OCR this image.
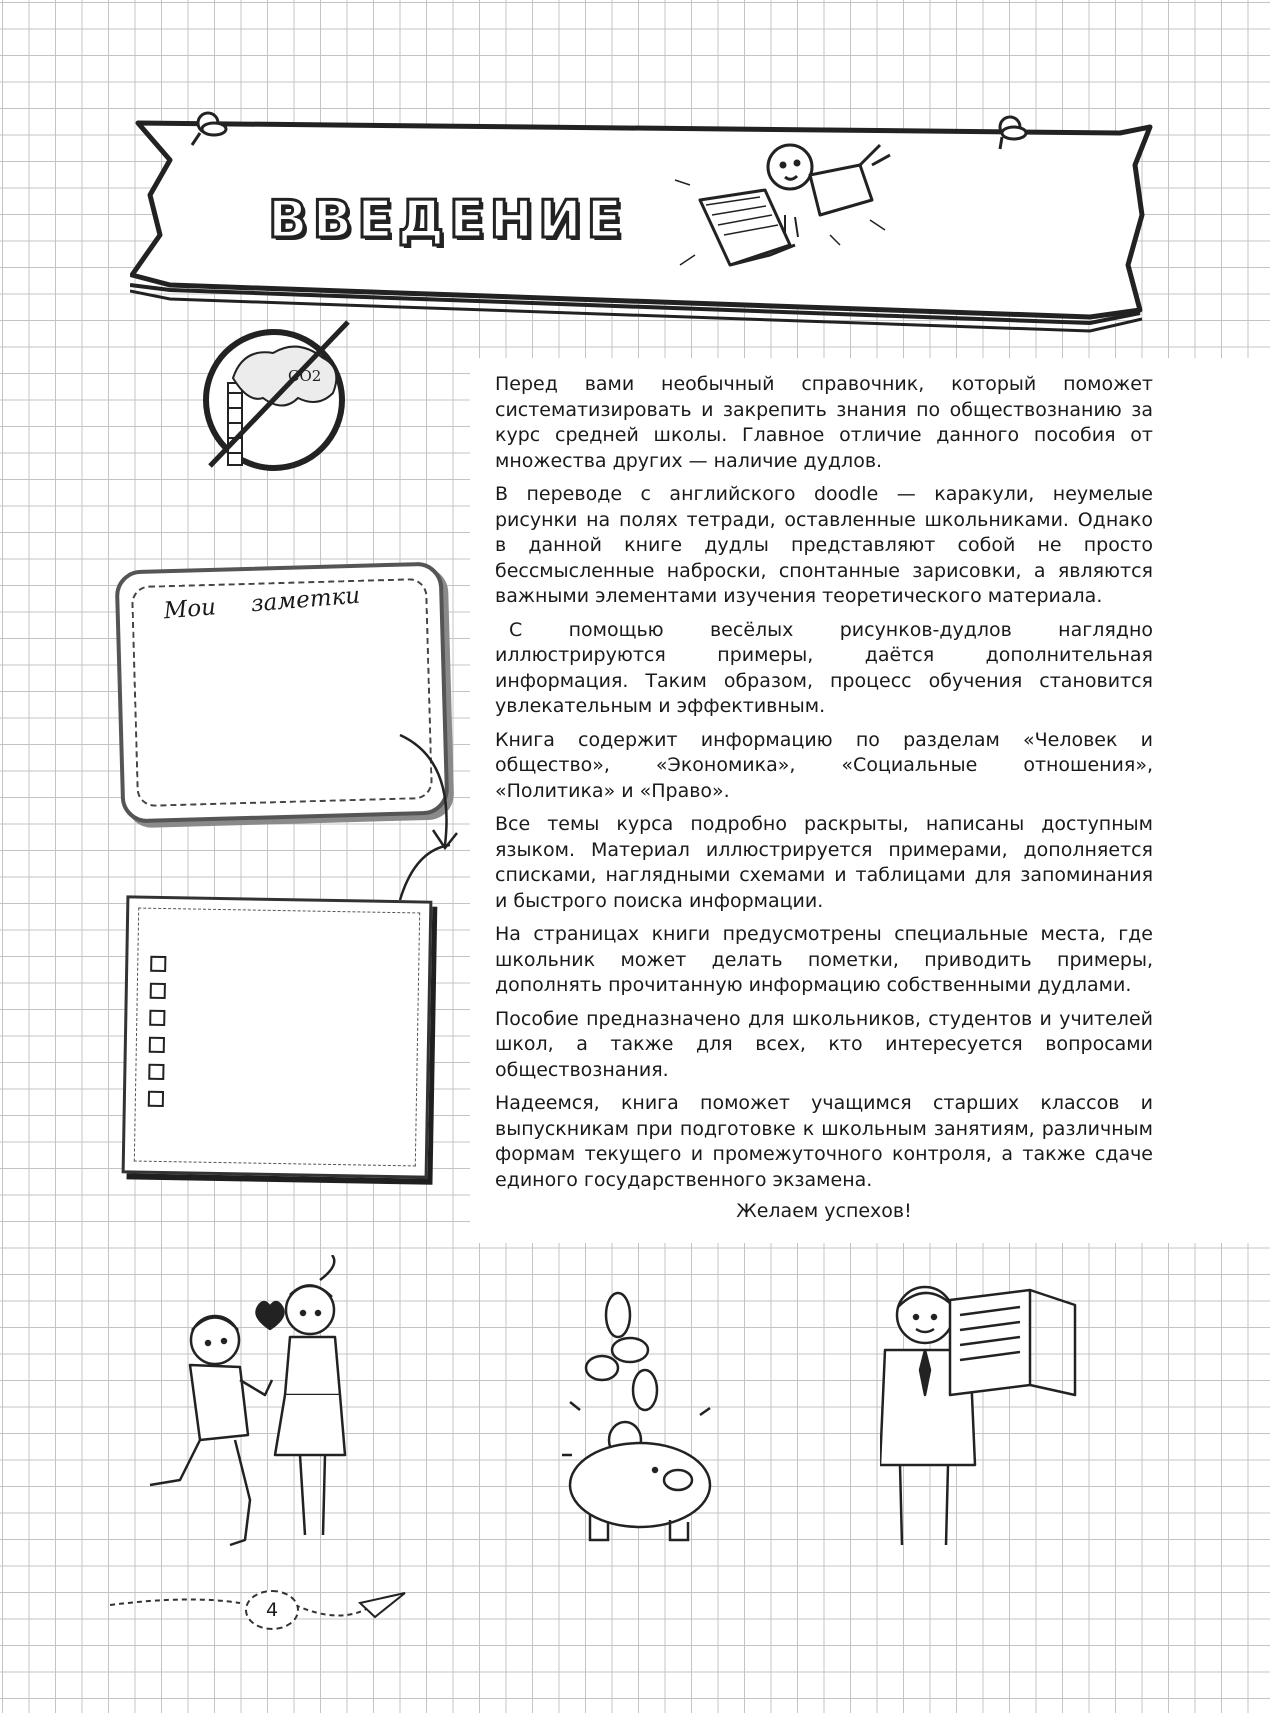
ВВЕДЕНИЕ
CO2

Мои заметки

Перед вами необычный справочник, который поможет систематизировать и закрепить знания по обществознанию за курс средней школы. Главное отличие данного пособия от множества других — наличие дудлов.

В переводе с английского doodle — каракули, неумелые рисунки на полях тетради, оставленные школьниками. Однако в данной книге дудлы представляют собой не просто бессмысленные наброски, спонтанные зарисовки, а являются важными элементами изучения теоретического материала.

С помощью весёлых рисунков-дудлов наглядно иллюстрируются примеры, даётся дополнительная информация. Таким образом, процесс обучения становится увлекательным и эффективным.

Книга содержит информацию по разделам «Человек и общество», «Экономика», «Социальные отношения», «Политика» и «Право».

Все темы курса подробно раскрыты, написаны доступным языком. Материал иллюстрируется примерами, дополняется списками, наглядными схемами и таблицами для запоминания и быстрого поиска информации.

На страницах книги предусмотрены специальные места, где школьник может делать пометки, приводить примеры, дополнять прочитанную информацию собственными дудлами.

Пособие предназначено для школьников, студентов и учителей школ, а также для всех, кто интересуется вопросами обществознания.

Надеемся, книга поможет учащимся старших классов и выпускникам при подготовке к школьным занятиям, различным формам текущего и промежуточного контроля, а также сдаче единого государственного экзамена.

Желаем успехов!
4
